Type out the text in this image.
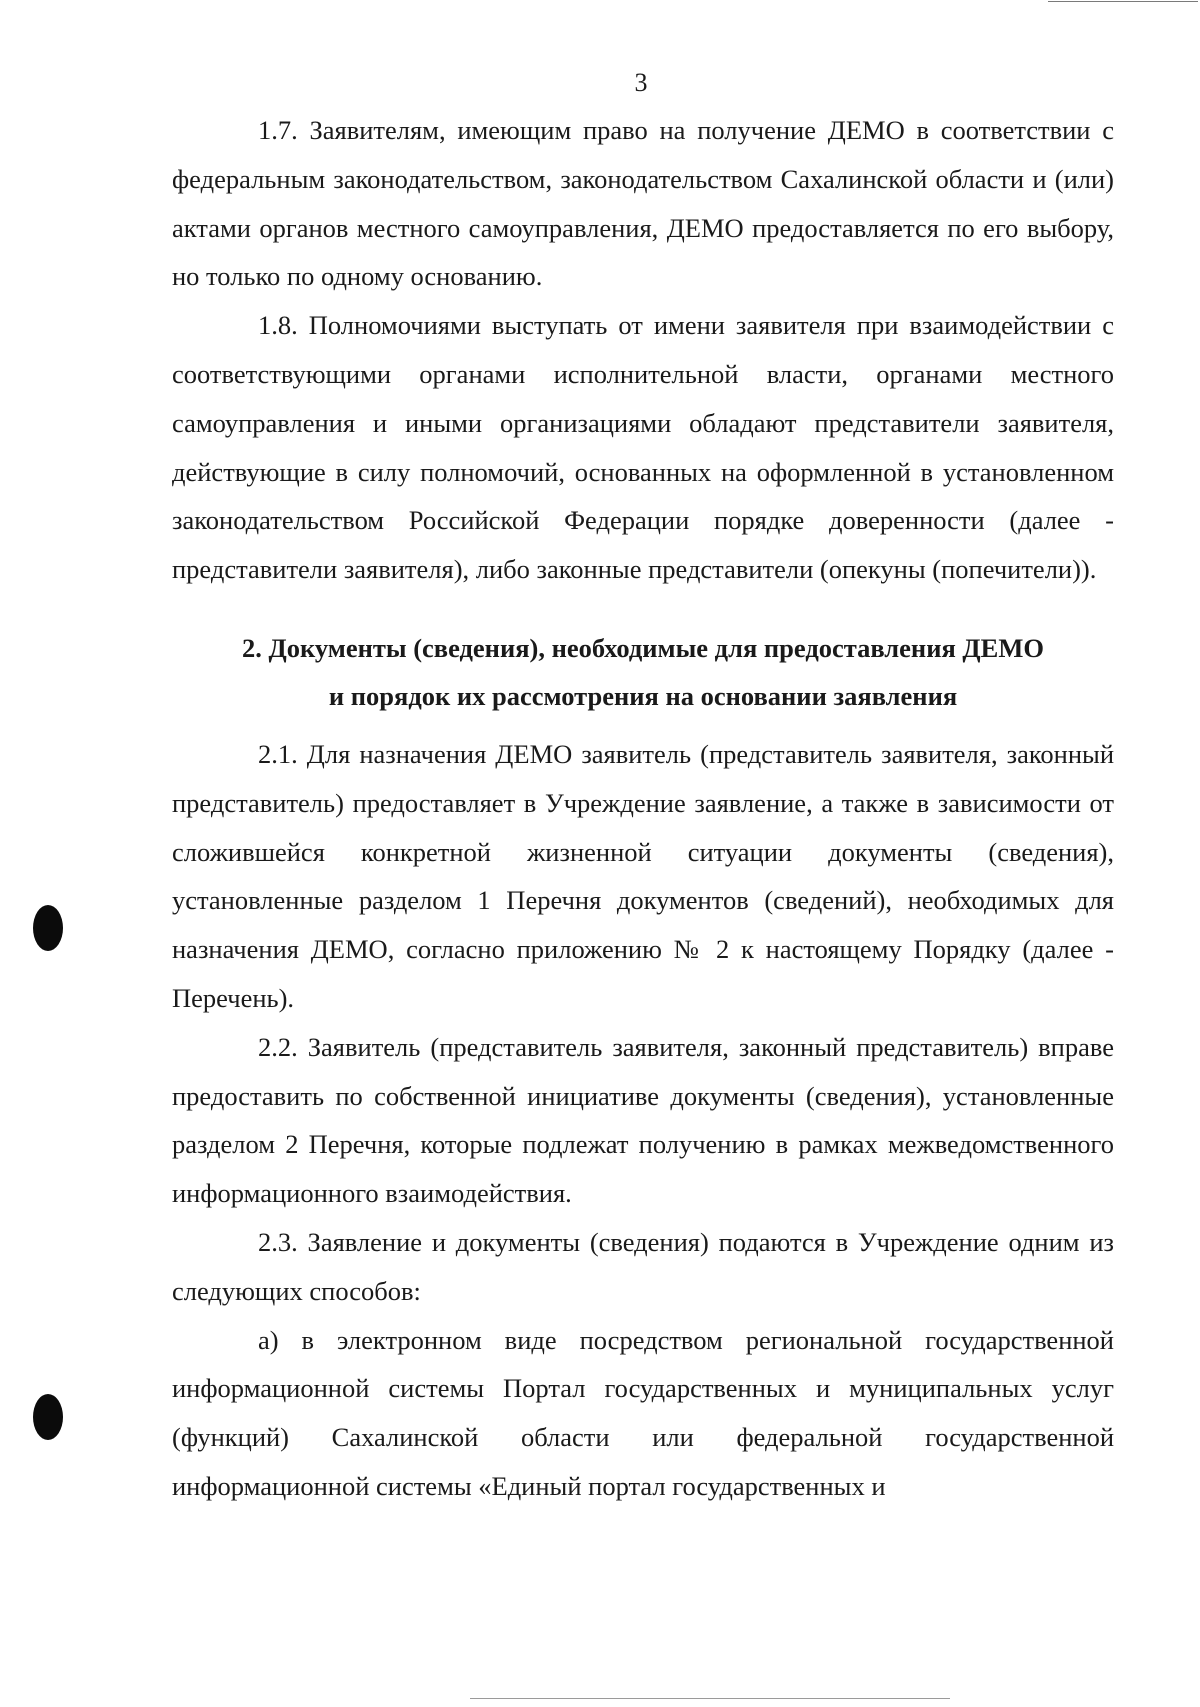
3

1.7. Заявителям, имеющим право на получение ДЕМО в соответствии с федеральным законодательством, законодательством Сахалинской области и (или) актами органов местного самоуправления, ДЕМО предоставляется по его выбору, но только по одному основанию.

1.8. Полномочиями выступать от имени заявителя при взаимодействии с соответствующими органами исполнительной власти, органами местного самоуправления и иными организациями обладают представители заявителя, действующие в силу полномочий, основанных на оформленной в установленном законодательством Российской Федерации порядке доверенности (далее - представители заявителя), либо законные представители (опекуны (попечители)).

2. Документы (сведения), необходимые для предоставления ДЕМО
и порядок их рассмотрения на основании заявления

2.1. Для назначения ДЕМО заявитель (представитель заявителя, законный представитель) предоставляет в Учреждение заявление, а также в зависимости от сложившейся конкретной жизненной ситуации документы (сведения), установленные разделом 1 Перечня документов (сведений), необходимых для назначения ДЕМО, согласно приложению № 2 к настоящему Порядку (далее - Перечень).

2.2. Заявитель (представитель заявителя, законный представитель) вправе предоставить по собственной инициативе документы (сведения), установленные разделом 2 Перечня, которые подлежат получению в рамках межведомственного информационного взаимодействия.

2.3. Заявление и документы (сведения) подаются в Учреждение одним из следующих способов:

а) в электронном виде посредством региональной государственной информационной системы Портал государственных и муниципальных услуг (функций) Сахалинской области или федеральной государственной информационной системы «Единый портал государственных и
